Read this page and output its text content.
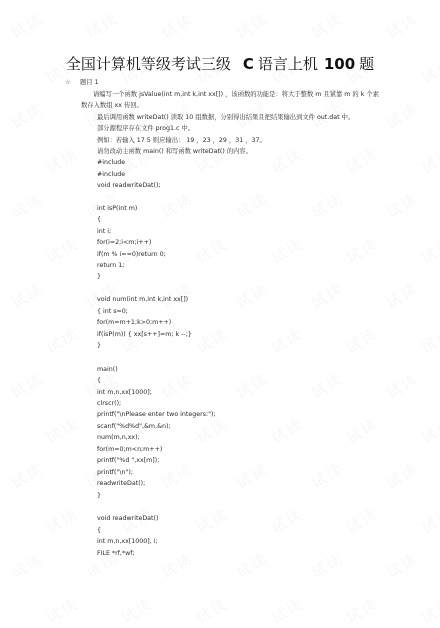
全国计算机等级考试三级 C 语言上机 100 题
☆ 题目 1
请编写一个函数 jsValue(int m,int k,int xx[]) ，该函数的功能是：将大于整数 m 且紧靠 m 的 k 个素
数存入数组 xx 传回。
最后调用函数 writeDat() 读取 10 组数据，分别得出结果且把结果输出到文件 out.dat 中。
部分源程序存在文件 prog1.c 中。
例如：若输入 17 5 则应输出： 19 ，23 ，29 ，31 ，37。
请勿改动主函数 main() 和写函数 writeDat() 的内容。
#include
#include
void readwriteDat();
int isP(int m)
{
int i;
for(i=2;i<m;i++)
if(m % i==0)return 0;
return 1;
}
void num(int m,int k,int xx[])
{ int s=0;
for(m=m+1;k>0;m++)
if(isP(m)) { xx[s++]=m; k --;}
}
main()
{
int m,n,xx[1000];
clrscr();
printf("\nPlease enter two integers:");
scanf("%d%d",&m,&n);
num(m,n,xx);
for(m=0;m<n;m++)
printf("%d ",xx[m]);
printf("\n");
readwriteDat();
}
void readwriteDat()
{
int m,n,xx[1000], i;
FILE *rf,*wf;
